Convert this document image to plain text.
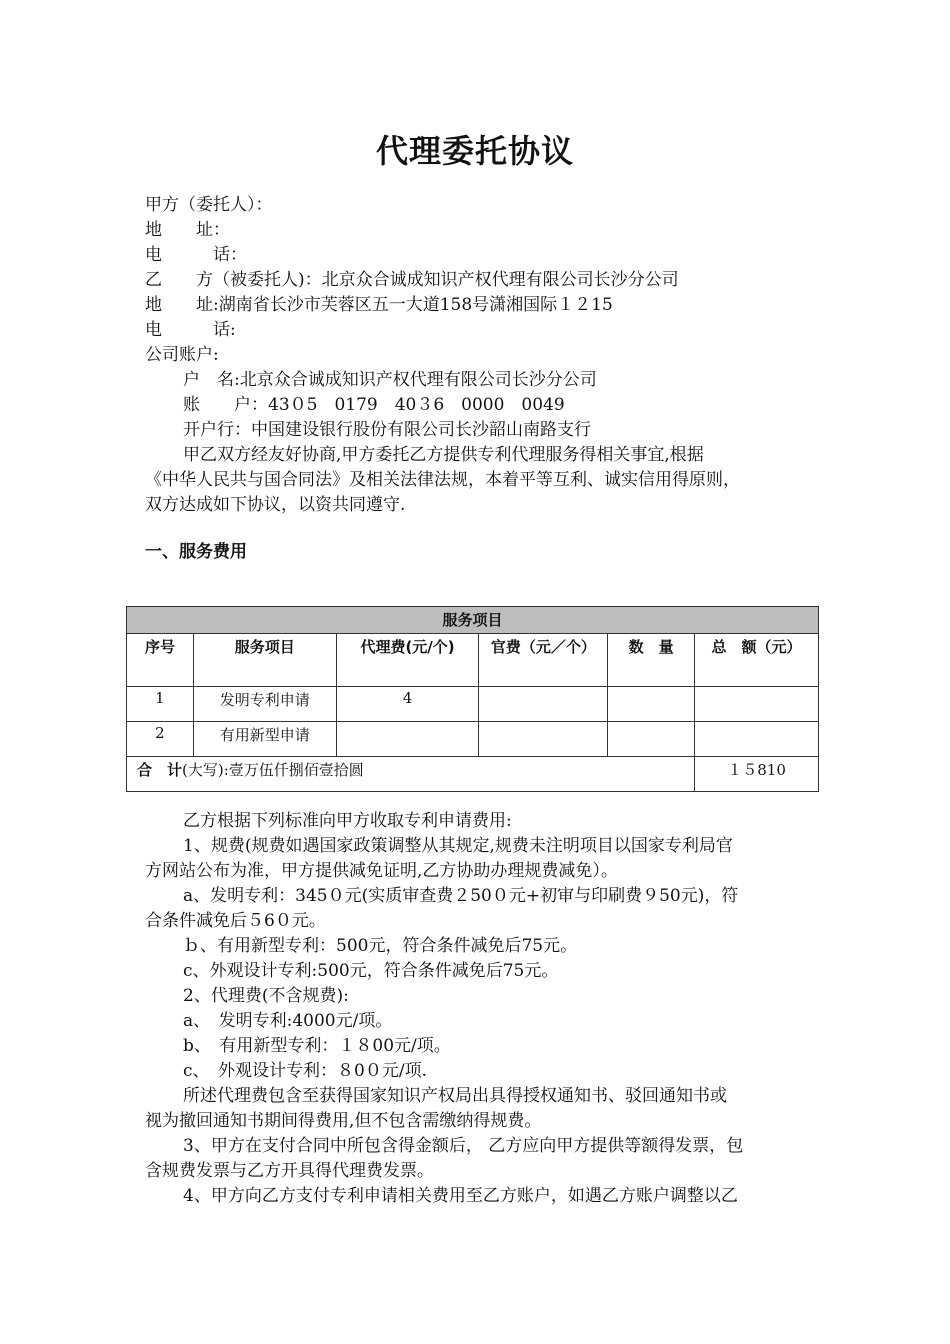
代理委托协议
甲方（委托人）：
地　　址：
电　　　话：
乙　　方（被委托人)：北京众合诚成知识产权代理有限公司长沙分公司
地　　址:湖南省长沙市芙蓉区五一大道158号潇湘国际１２15
电　　　话:
公司账户:
户　名:北京众合诚成知识产权代理有限公司长沙分公司
账　　户：43０5　0179　40３6　0000　0049
开户行：中国建设银行股份有限公司长沙韶山南路支行
甲乙双方经友好协商,甲方委托乙方提供专利代理服务得相关事宜,根据
《中华人民共与国合同法》及相关法律法规，本着平等互利、诚实信用得原则，
双方达成如下协议，以资共同遵守.
一、服务费用
服务项目					
序号	服务项目	代理费(元/个)	官费（元／个）	数　量	总　额（元）
1	发明专利申请	4			
2	有用新型申请				
合　计(大写):壹万伍仟捌佰壹拾圆					１５810
乙方根据下列标准向甲方收取专利申请费用:
1、规费(规费如遇国家政策调整从其规定,规费未注明项目以国家专利局官
方网站公布为准，甲方提供减免证明,乙方协助办理规费减免）。
a、发明专利：345０元(实质审查费２50０元+初审与印刷费９50元)，符
合条件减免后５6０元。
ｂ、有用新型专利：500元，符合条件减免后75元。
c、外观设计专利:500元，符合条件减免后75元。
2、代理费(不含规费):
a、　发明专利:4000元/项。
b、　有用新型专利：１８00元/项。
c、　外观设计专利：８0０元/项.
所述代理费包含至获得国家知识产权局出具得授权通知书、驳回通知书或
视为撤回通知书期间得费用,但不包含需缴纳得规费。
3、甲方在支付合同中所包含得金额后， 乙方应向甲方提供等额得发票，包
含规费发票与乙方开具得代理费发票。
4、甲方向乙方支付专利申请相关费用至乙方账户，如遇乙方账户调整以乙
